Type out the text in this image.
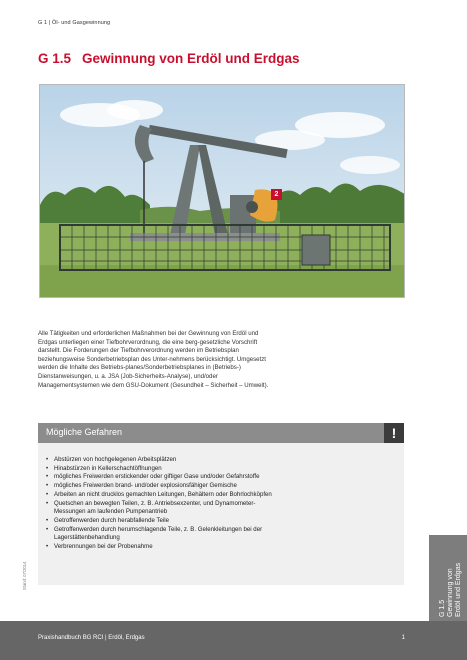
G 1 | Öl- und Gasgewinnung
G 1.5 Gewinnung von Erdöl und Erdgas
2

Alle Tätigkeiten und erforderlichen Maßnahmen bei der Gewinnung von Erdöl und Erdgas unterliegen einer Tiefbohrverordnung, die eine berg-gesetzliche Vorschrift darstellt. Die Forderungen der Tiefbohrverordnung werden im Betriebsplan beziehungsweise Sonderbetriebsplan des Unter-nehmens berücksichtigt. Umgesetzt werden die Inhalte des Betriebs-planes/Sonderbetriebsplanes in (Betriebs-) Dienstanweisungen, u. a. JSA (Job-Sicherheits-Analyse), und/oder Managementsystemen wie dem GSU-Dokument (Gesundheit – Sicherheit – Umwelt).

Mögliche Gefahren	!
• Abstürzen von hochgelegenen Arbeitsplätzen
• Hinabstürzen in Kellerschachtöffnungen
• mögliches Freiwerden erstickender oder giftiger Gase und/oder Gefahrstoffe
• mögliches Freiwerden brand- und/oder explosionsfähiger Gemische
• Arbeiten an nicht drucklos gemachten Leitungen, Behältern oder Bohrlochköpfen
• Quetschen an bewegten Teilen, z. B. Antriebsexzenter, und Dynamometer-Messungen am laufenden Pumpenantrieb
• Getroffenwerden durch herabfallende Teile
• Getroffenwerden durch herumschlagende Teile, z. B. Gelenkleitungen bei der Lagerstättenbehandlung
• Verbrennungen bei der Probenahme
Stand: 07/2014
G 1.5 Gewinnung von Erdöl und Erdgas
Praxishandbuch BG RCI | Erdöl, Erdgas	1
